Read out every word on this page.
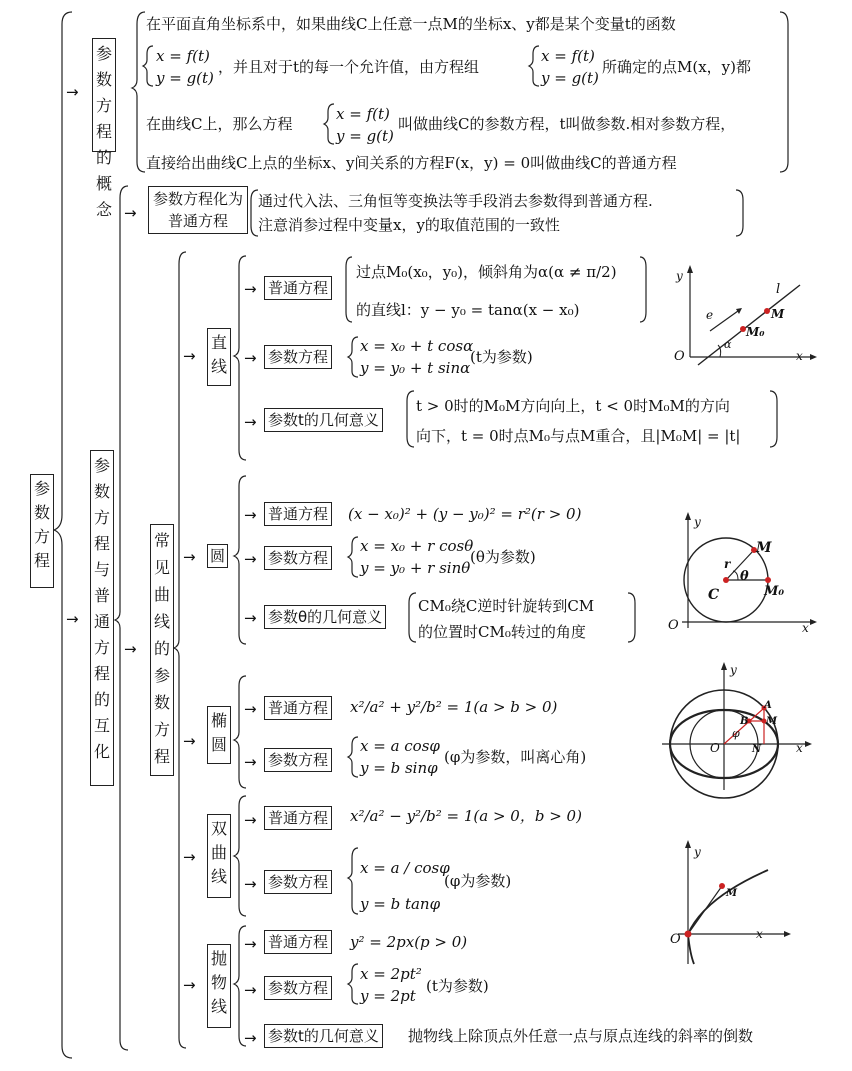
参数方程
→
参数方程的概念
在平面直角坐标系中，如果曲线C上任意一点M的坐标x、y都是某个变量t的函数
x = f(t)
y = g(t)
，并且对于t的每一个允许值，由方程组
x = f(t)
y = g(t)
所确定的点M(x，y)都
在曲线C上，那么方程
x = f(t)
y = g(t)
叫做曲线C的参数方程，t叫做参数.相对参数方程，
直接给出曲线C上点的坐标x、y间关系的方程F(x，y) = 0叫做曲线C的普通方程
→
参数方程与普通方程的互化
→
参数方程化为普通方程
通过代入法、三角恒等变换法等手段消去参数得到普通方程.
注意消参过程中变量x，y的取值范围的一致性
→
常见曲线的参数方程
→
直线
→ 普通方程
过点M₀(x₀，y₀)，倾斜角为α(α ≠ π/2)
的直线l：y − y₀ = tanα(x − x₀)
→ 参数方程
x = x₀ + t cosα
y = y₀ + t sinα
(t为参数)
→ 参数t的几何意义
t > 0时的M₀M方向向上，t < 0时M₀M的方向
向下，t = 0时点M₀与点M重合，且|M₀M| = |t|
y
x
O
l
M
M₀
e
α
→ 圆
→ 普通方程 (x − x₀)² + (y − y₀)² = r²(r > 0)
→ 参数方程
x = x₀ + r cosθ
y = y₀ + r sinθ
(θ为参数)
→ 参数θ的几何意义
CM₀绕C逆时针旋转到CM
的位置时CM₀转过的角度
y
x
O
C
M
M₀
r
θ
→
椭圆
→ 普通方程 x²/a² + y²/b² = 1(a > b > 0)
→ 参数方程
x = a cosφ
y = b sinφ
(φ为参数，叫离心角)
y
x
O
A
B M
N
φ
→
双曲线
→ 普通方程 x²/a² − y²/b² = 1(a > 0，b > 0)
→ 参数方程
x = a / cosφ
y = b tanφ
(φ为参数)
→
抛物线
→ 普通方程 y² = 2px(p > 0)
→ 参数方程
x = 2pt²
y = 2pt
(t为参数)
→ 参数t的几何意义 抛物线上除顶点外任意一点与原点连线的斜率的倒数
y
x
O
M
